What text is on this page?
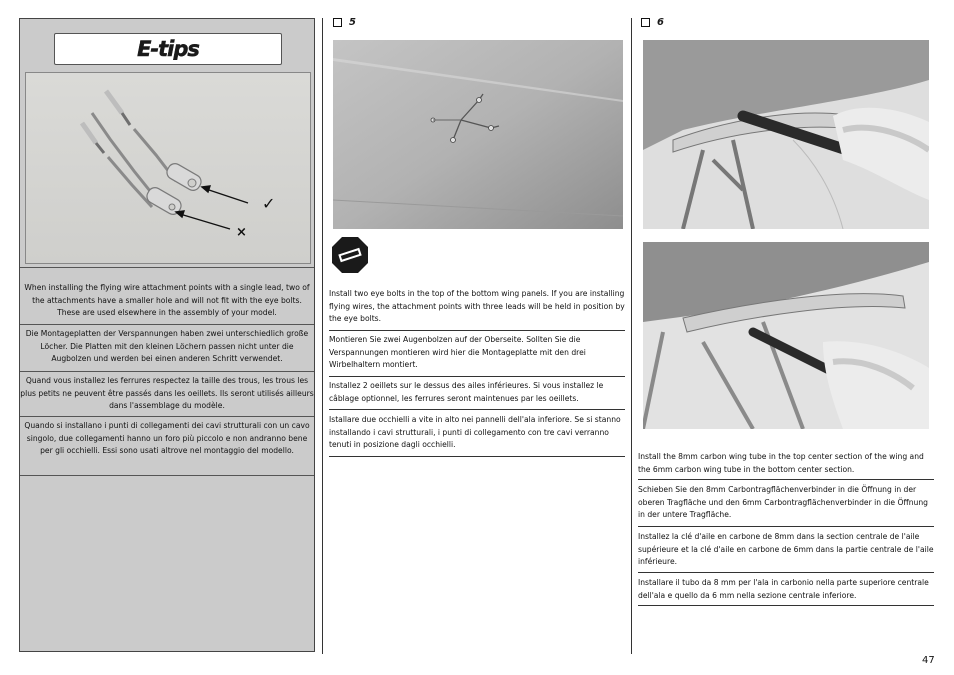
E-tips
✓
×
When installing the flying wire attachment points with a single lead, two of the attachments have a smaller hole and will not fit with the eye bolts. These are used elsewhere in the assembly of your model.
Die Montageplatten der Verspannungen haben zwei unterschiedlich große Löcher. Die Platten mit den kleinen Löchern passen nicht unter die Augbolzen und werden bei einen anderen Schritt verwendet.
Quand vous installez les ferrures respectez la taille des trous, les trous les plus petits ne peuvent être passés dans les oeillets. Ils seront utilisés ailleurs dans l'assemblage du modèle.
Quando si installano i punti di collegamenti dei cavi strutturali con un cavo singolo, due collegamenti hanno un foro più piccolo e non andranno bene per gli occhielli. Essi sono usati altrove nel montaggio del modello.
5
Install two eye bolts in the top of the bottom wing panels. If you are installing flying wires, the attachment points with three leads will be held in position by the eye bolts.
Montieren Sie zwei Augenbolzen auf der Oberseite. Sollten Sie die Verspannungen montieren wird hier die Montageplatte mit den drei Wirbelhaltern montiert.
Installez 2 oeillets sur le dessus des ailes inférieures. Si vous installez le câblage optionnel, les ferrures seront maintenues par les oeillets.
Istallare due occhielli a vite in alto nei pannelli dell'ala inferiore. Se si stanno installando i cavi strutturali, i punti di collegamento con tre cavi verranno tenuti in posizione dagli occhielli.
6
Install the 8mm carbon wing tube in the top center section of the wing and the 6mm carbon wing tube in the bottom center section.
Schieben Sie den 8mm Carbontragflächenverbinder in die Öffnung in der oberen Tragfläche und den 6mm Carbontragflächenverbinder in die Öffnung in der untere Tragfläche.
Installez la clé d'aile en carbone de 8mm dans la section centrale de l'aile supérieure et la clé d'aile en carbone de 6mm dans la partie centrale de l'aile inférieure.
Installare il tubo da 8 mm per l'ala in carbonio nella parte superiore centrale dell'ala e quello da 6 mm nella sezione centrale inferiore.
47
